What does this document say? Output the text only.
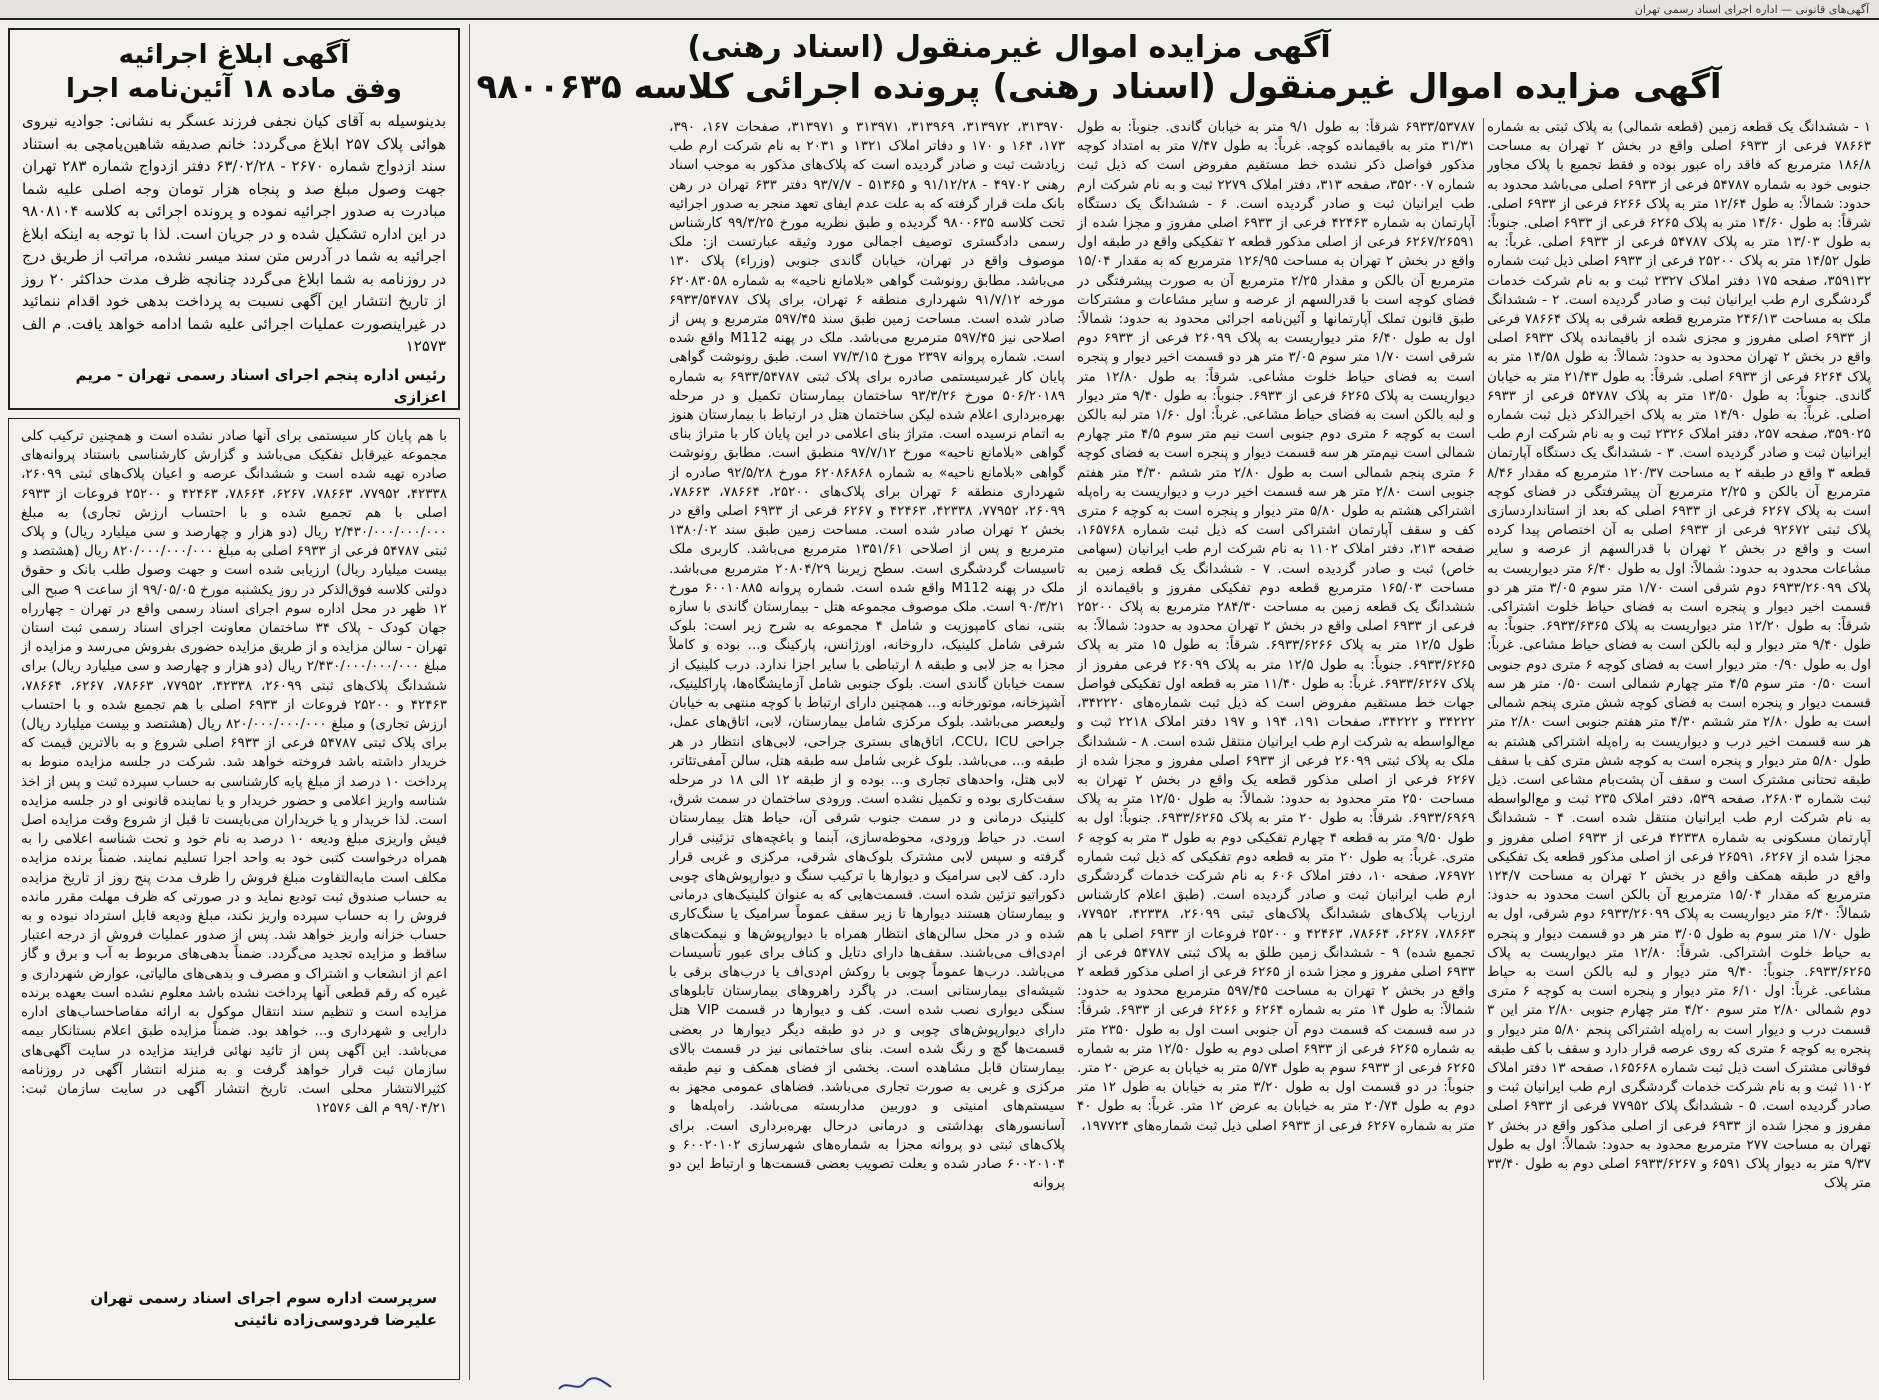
آگهی‌های قانونی — اداره اجرای اسناد رسمی تهران
آگهی مزایده اموال غیرمنقول (اسناد رهنی)
آگهی مزایده اموال غیرمنقول (اسناد رهنی) پرونده اجرائی کلاسه ۹۸۰۰۶۳۵
۱ - ششدانگ یک قطعه زمین (قطعه شمالی) به پلاک ثبتی به شماره ۷۸۶۶۳ فرعی از ۶۹۳۳ اصلی واقع در بخش ۲ تهران به مساحت ۱۸۶/۸ مترمربع که فاقد راه عبور بوده و فقط تجمیع با پلاک مجاور جنوبی خود به شماره ۵۴۷۸۷ فرعی از ۶۹۳۳ اصلی می‌باشد محدود به حدود: شمالاً: به طول ۱۲/۶۴ متر به پلاک ۶۲۶۶ فرعی از ۶۹۳۳ اصلی. شرقاً: به طول ۱۴/۶۰ متر به پلاک ۶۲۶۵ فرعی از ۶۹۳۳ اصلی. جنوباً: به طول ۱۳/۰۳ متر به پلاک ۵۴۷۸۷ فرعی از ۶۹۳۳ اصلی. غرباً: به طول ۱۴/۵۲ متر به پلاک ۲۵۲۰۰ فرعی از ۶۹۳۳ اصلی ذیل ثبت شماره ۳۵۹۱۳۲، صفحه ۱۷۵ دفتر املاک ۲۳۲۷ ثبت و به نام شرکت خدمات گردشگری ارم طب ایرانیان ثبت و صادر گردیده است. ۲ - ششدانگ ملک به مساحت ۲۴۶/۱۳ مترمربع قطعه شرقی به پلاک ۷۸۶۶۴ فرعی از ۶۹۳۳ اصلی مفروز و مجزی شده از باقیمانده پلاک ۶۹۳۳ اصلی واقع در بخش ۲ تهران محدود به حدود: شمالاً: به طول ۱۴/۵۸ متر به پلاک ۶۲۶۴ فرعی از ۶۹۳۳ اصلی. شرقاً: به طول ۲۱/۴۳ متر به خیابان گاندی. جنوباً: به طول ۱۳/۵۰ متر به پلاک ۵۴۷۸۷ فرعی از ۶۹۳۳ اصلی. غرباً: به طول ۱۴/۹۰ متر به پلاک اخیرالذکر ذیل ثبت شماره ۳۵۹۰۲۵، صفحه ۲۵۷، دفتر املاک ۲۳۲۶ ثبت و به نام شرکت ارم طب ایرانیان ثبت و صادر گردیده است. ۳ - ششدانگ یک دستگاه آپارتمان قطعه ۳ واقع در طبقه ۲ به مساحت ۱۲۰/۳۷ مترمربع که مقدار ۸/۴۶ مترمربع آن بالکن و ۲/۲۵ مترمربع آن پیشرفتگی در فضای کوچه است به پلاک ۶۲۶۷ فرعی از ۶۹۳۳ اصلی که بعد از استانداردسازی پلاک ثبتی ۹۲۶۷۲ فرعی از ۶۹۳۳ اصلی به آن اختصاص پیدا کرده است و واقع در بخش ۲ تهران با قدرالسهم از عرصه و سایر مشاعات محدود به حدود: شمالاً: اول به طول ۶/۴۰ متر دیواریست به پلاک ۶۹۳۳/۲۶۰۹۹ دوم شرقی است ۱/۷۰ متر سوم ۳/۰۵ متر هر دو قسمت اخیر دیوار و پنجره است به فضای حیاط خلوت اشتراکی. شرقاً: به طول ۱۲/۲۰ متر دیواریست به پلاک ۶۹۳۳/۶۳۶۵. جنوباً: به طول ۹/۴۰ متر دیوار و لبه بالکن است به فضای حیاط مشاعی. غرباً: اول به طول ۰/۹۰ متر دیوار است به فضای کوچه ۶ متری دوم جنوبی است ۰/۵۰ متر سوم ۴/۵ متر چهارم شمالی است ۰/۵۰ متر هر سه قسمت دیوار و پنجره است به فضای کوچه شش متری پنجم شمالی است به طول ۲/۸۰ متر ششم ۴/۳۰ متر هفتم جنوبی است ۲/۸۰ متر هر سه قسمت اخیر درب و دیواریست به راه‌پله اشتراکی هشتم به طول ۵/۸۰ متر دیوار و پنجره است به کوچه شش متری کف با سقف طبقه تحتانی مشترک است و سقف آن پشت‌بام مشاعی است. ذیل ثبت شماره ۲۶۸۰۳، صفحه ۵۳۹، دفتر املاک ۲۳۵ ثبت و مع‌الواسطه به نام شرکت ارم طب ایرانیان منتقل شده است. ۴ - ششدانگ آپارتمان مسکونی به شماره ۴۲۳۳۸ فرعی از ۶۹۳۳ اصلی مفروز و مجزا شده از ۶۲۶۷، ۲۶۵۹۱ فرعی از اصلی مذکور قطعه یک تفکیکی واقع در طبقه همکف واقع در بخش ۲ تهران به مساحت ۱۲۴/۷ مترمربع که مقدار ۱۵/۰۴ مترمربع آن بالکن است محدود به حدود: شمالاً: ۶/۴۰ متر دیواریست به پلاک ۶۹۳۳/۲۶۰۹۹ دوم شرقی، اول به طول ۱/۷۰ متر سوم به طول ۳/۰۵ متر هر دو قسمت دیوار و پنجره به حیاط خلوت اشتراکی. شرقاً: ۱۲/۸۰ متر دیواریست به پلاک ۶۹۳۳/۶۲۶۵. جنوباً: ۹/۴۰ متر دیوار و لبه بالکن است به حیاط مشاعی. غرباً: اول ۶/۱۰ متر دیوار و پنجره است به کوچه ۶ متری دوم شمالی ۲/۸۰ متر سوم ۴/۲۰ متر چهارم جنوبی ۲/۸۰ متر این ۳ قسمت درب و دیوار است به راه‌پله اشتراکی پنجم ۵/۸۰ متر دیوار و پنجره به کوچه ۶ متری که روی عرصه قرار دارد و سقف با کف طبقه فوقانی مشترک است ذیل ثبت شماره ۱۶۵۶۶۸، صفحه ۱۳ دفتر املاک ۱۱۰۲ ثبت و به نام شرکت خدمات گردشگری ارم طب ایرانیان ثبت و صادر گردیده است. ۵ - ششدانگ پلاک ۷۷۹۵۲ فرعی از ۶۹۳۳ اصلی مفروز و مجزا شده از ۶۹۳۳ فرعی از اصلی مذکور واقع در بخش ۲ تهران به مساحت ۲۷۷ مترمربع محدود به حدود: شمالاً: اول به طول ۹/۳۷ متر به دیوار پلاک ۶۵۹۱ و ۶۹۳۳/۶۲۶۷ اصلی دوم به طول ۳۳/۴۰ متر پلاک
۶۹۳۳/۵۳۷۸۷ شرقاً: به طول ۹/۱ متر به خیابان گاندی. جنوباً: به طول ۳۱/۳۱ متر به باقیمانده کوچه. غرباً: به طول ۷/۴۷ متر به امتداد کوچه مذکور فواصل ذکر نشده خط مستقیم مفروض است که ذیل ثبت شماره ۳۵۲۰۰۷، صفحه ۳۱۳، دفتر املاک ۲۲۷۹ ثبت و به نام شرکت ارم طب ایرانیان ثبت و صادر گردیده است. ۶ - ششدانگ یک دستگاه آپارتمان به شماره ۴۲۴۶۳ فرعی از ۶۹۳۳ اصلی مفروز و مجزا شده از ۶۲۶۷/۲۶۵۹۱ فرعی از اصلی مذکور قطعه ۲ تفکیکی واقع در طبقه اول واقع در بخش ۲ تهران به مساحت ۱۲۶/۹۵ مترمربع که به مقدار ۱۵/۰۴ مترمربع آن بالکن و مقدار ۲/۲۵ مترمربع آن به صورت پیشرفتگی در فضای کوچه است با قدرالسهم از عرصه و سایر مشاعات و مشترکات طبق قانون تملک آپارتمانها و آئین‌نامه اجرائی محدود به حدود: شمالاً: اول به طول ۶/۴۰ متر دیواریست به پلاک ۲۶۰۹۹ فرعی از ۶۹۳۳ دوم شرقی است ۱/۷۰ متر سوم ۳/۰۵ متر هر دو قسمت اخیر دیوار و پنجره است به فضای حیاط خلوت مشاعی. شرقاً: به طول ۱۲/۸۰ متر دیواریست به پلاک ۶۲۶۵ فرعی از ۶۹۳۳. جنوباً: به طول ۹/۴۰ متر دیوار و لبه بالکن است به فضای حیاط مشاعی. غرباً: اول ۱/۶۰ متر لبه بالکن است به کوچه ۶ متری دوم جنوبی است نیم متر سوم ۴/۵ متر چهارم شمالی است نیم‌متر هر سه قسمت دیوار و پنجره است به فضای کوچه ۶ متری پنجم شمالی است به طول ۲/۸۰ متر ششم ۴/۳۰ متر هفتم جنوبی است ۲/۸۰ متر هر سه قسمت اخیر درب و دیواریست به راه‌پله اشتراکی هشتم به طول ۵/۸۰ متر دیوار و پنجره است به کوچه ۶ متری کف و سقف آپارتمان اشتراکی است که ذیل ثبت شماره ۱۶۵۷۶۸، صفحه ۲۱۳، دفتر املاک ۱۱۰۲ به نام شرکت ارم طب ایرانیان (سهامی خاص) ثبت و صادر گردیده است. ۷ - ششدانگ یک قطعه زمین به مساحت ۱۶۵/۰۳ مترمربع قطعه دوم تفکیکی مفروز و باقیمانده از ششدانگ یک قطعه زمین به مساحت ۲۸۴/۳۰ مترمربع به پلاک ۲۵۲۰۰ فرعی از ۶۹۳۳ اصلی واقع در بخش ۲ تهران محدود به حدود: شمالاً: به طول ۱۲/۵ متر به پلاک ۶۹۳۳/۶۲۶۶. شرقاً: به طول ۱۵ متر به پلاک ۶۹۳۳/۶۲۶۵. جنوباً: به طول ۱۲/۵ متر به پلاک ۲۶۰۹۹ فرعی مفروز از پلاک ۶۹۳۳/۶۲۶۷. غرباً: به طول ۱۱/۴۰ متر به قطعه اول تفکیکی فواصل جهات خط مستقیم مفروض است که ذیل ثبت شماره‌های ۳۴۲۲۲۰، ۳۴۲۲۲ و ۳۴۲۲۲، صفحات ۱۹۱، ۱۹۴ و ۱۹۷ دفتر املاک ۲۲۱۸ ثبت و مع‌الواسطه به شرکت ارم طب ایرانیان منتقل شده است. ۸ - ششدانگ ملک به پلاک ثبتی ۲۶۰۹۹ فرعی از ۶۹۳۳ اصلی مفروز و مجزا شده از ۶۲۶۷ فرعی از اصلی مذکور قطعه یک واقع در بخش ۲ تهران به مساحت ۲۵۰ متر محدود به حدود: شمالاً: به طول ۱۲/۵۰ متر به پلاک ۶۹۳۳/۶۹۶۹. شرقاً: به طول ۲۰ متر به پلاک ۶۹۳۳/۶۲۶۵. جنوباً: اول به طول ۹/۵۰ متر به قطعه ۴ چهارم تفکیکی دوم به طول ۳ متر به کوچه ۶ متری. غرباً: به طول ۲۰ متر به قطعه دوم تفکیکی که ذیل ثبت شماره ۷۶۹۷۲، صفحه ۱۰، دفتر املاک ۶۰۶ به نام شرکت خدمات گردشگری ارم طب ایرانیان ثبت و صادر گردیده است. (طبق اعلام کارشناس ارزیاب پلاک‌های ششدانگ پلاک‌های ثبتی ۲۶۰۹۹، ۴۲۳۳۸، ۷۷۹۵۲، ۷۸۶۶۳، ۶۲۶۷، ۷۸۶۶۴، ۴۲۴۶۳ و ۲۵۲۰۰ فروعات از ۶۹۳۳ اصلی با هم تجمیع شده) ۹ - ششدانگ زمین طلق به پلاک ثبتی ۵۴۷۸۷ فرعی از ۶۹۳۳ اصلی مفروز و مجزا شده از ۶۲۶۵ فرعی از اصلی مذکور قطعه ۲ واقع در بخش ۲ تهران به مساحت ۵۹۷/۴۵ مترمربع محدود به حدود: شمالاً: به طول ۱۴ متر به شماره ۶۲۶۴ و ۶۲۶۶ فرعی از ۶۹۳۳. شرقاً: در سه قسمت که قسمت دوم آن جنوبی است اول به طول ۲۳۵۰ متر به شماره ۶۲۶۵ فرعی از ۶۹۳۳ اصلی دوم به طول ۱۲/۵۰ متر به شماره ۶۲۶۵ فرعی از ۶۹۳۳ سوم به طول ۵/۷۴ متر به خیابان به عرض ۲۰ متر. جنوباً: در دو قسمت اول به طول ۳/۲۰ متر به خیابان به طول ۱۲ متر دوم به طول ۲۰/۷۴ متر به خیابان به عرض ۱۲ متر. غرباً: به طول ۴۰ متر به شماره ۶۲۶۷ فرعی از ۶۹۳۳ اصلی ذیل ثبت شماره‌های ۱۹۷۷۲۴،
۳۱۳۹۷۰، ۳۱۳۹۷۲، ۳۱۳۹۶۹، ۳۱۳۹۷۱ و ۳۱۳۹۷۱، صفحات ۱۶۷، ۳۹۰، ۱۷۳، ۱۶۴ و ۱۷۰ و دفاتر املاک ۱۳۲۱ و ۲۰۳۱ به نام شرکت ارم طب زیادشت ثبت و صادر گردیده است که پلاک‌های مذکور به موجب اسناد رهنی ۴۹۷۰۲ - ۹۱/۱۲/۲۸ و ۵۱۳۶۵ - ۹۳/۷/۷ دفتر ۶۳۳ تهران در رهن بانک ملت قرار گرفته که به علت عدم ایفای تعهد منجر به صدور اجرائیه تحت کلاسه ۹۸۰۰۶۳۵ گردیده و طبق نظریه مورخ ۹۹/۳/۲۵ کارشناس رسمی دادگستری توصیف اجمالی مورد وثیقه عبارتست از: ملک موصوف واقع در تهران، خیابان گاندی جنوبی (وزراء) پلاک ۱۳۰ می‌باشد. مطابق رونوشت گواهی «بلامانع ناحیه» به شماره ۶۲۰۸۳۰۵۸ مورخه ۹۱/۷/۱۲ شهرداری منطقه ۶ تهران، برای پلاک ۶۹۳۳/۵۴۷۸۷ صادر شده است. مساحت زمین طبق سند ۵۹۷/۴۵ مترمربع و پس از اصلاحی نیز ۵۹۷/۴۵ مترمربع می‌باشد. ملک در پهنه M112 واقع شده است. شماره پروانه ۲۳۹۷ مورخ ۷۷/۳/۱۵ است. طبق رونوشت گواهی پایان کار غیرسیستمی صادره برای پلاک ثبتی ۶۹۳۳/۵۴۷۸۷ به شماره ۵۰۶/۲۰۱۸۹ مورخ ۹۳/۳/۲۶ ساختمان بیمارستان تکمیل و در مرحله بهره‌برداری اعلام شده لیکن ساختمان هتل در ارتباط با بیمارستان هنوز به اتمام نرسیده است. متراژ بنای اعلامی در این پایان کار با متراژ بنای گواهی «بلامانع ناحیه» مورخ ۹۷/۷/۱۲ منطبق است. مطابق رونوشت گواهی «بلامانع ناحیه» به شماره ۶۲۰۸۶۸۶۸ مورخ ۹۲/۵/۲۸ صادره از شهرداری منطقه ۶ تهران برای پلاک‌های ۲۵۲۰۰، ۷۸۶۶۴، ۷۸۶۶۳، ۲۶۰۹۹، ۷۷۹۵۲، ۴۲۳۳۸، ۴۲۴۶۳ و ۶۲۶۷ فرعی از ۶۹۳۳ اصلی واقع در بخش ۲ تهران صادر شده است. مساحت زمین طبق سند ۱۳۸۰/۰۲ مترمربع و پس از اصلاحی ۱۳۵۱/۶۱ مترمربع می‌باشد. کاربری ملک تاسیسات گردشگری است. سطح زیربنا ۲۰۸۰۴/۲۹ مترمربع می‌باشد. ملک در پهنه M112 واقع شده است. شماره پروانه ۶۰۰۱۰۸۸۵ مورخ ۹۰/۳/۲۱ است. ملک موصوف مجموعه هتل - بیمارستان گاندی با سازه بتنی، نمای کامپوزیت و شامل ۴ مجموعه به شرح زیر است: بلوک شرقی شامل کلینیک، داروخانه، اورژانس، پارکینگ و... بوده و کاملاً مجزا به جز لابی و طبقه ۸ ارتباطی با سایر اجزا ندارد. درب کلینیک از سمت خیابان گاندی است. بلوک جنوبی شامل آزمایشگاه‌ها، پاراکلینیک، آشپزخانه، موتورخانه و... همچنین دارای ارتباط با کوچه منتهی به خیابان ولیعصر می‌باشد. بلوک مرکزی شامل بیمارستان، لابی، اتاق‌های عمل، جراحی CCU، ICU، اتاق‌های بستری جراحی، لابی‌های انتظار در هر طبقه و... می‌باشد. بلوک غربی شامل سه طبقه هتل، سالن آمفی‌تئاتر، لابی هتل، واحدهای تجاری و... بوده و از طبقه ۱۲ الی ۱۸ در مرحله سفت‌کاری بوده و تکمیل نشده است. ورودی ساختمان در سمت شرق، کلینیک درمانی و در سمت جنوب شرقی آن، حیاط هتل بیمارستان است. در حیاط ورودی، محوطه‌سازی، آبنما و باغچه‌های تزئینی قرار گرفته و سپس لابی مشترک بلوک‌های شرقی، مرکزی و غربی قرار دارد. کف لابی سرامیک و دیوارها با ترکیب سنگ و دیوارپوش‌های چوبی دکوراتیو تزئین شده است. قسمت‌هایی که به عنوان کلینیک‌های درمانی و بیمارستان هستند دیوارها تا زیر سقف عموماً سرامیک یا سنگ‌کاری شده و در محل سالن‌های انتظار همراه با دیوارپوش‌ها و نیمکت‌های ام‌دی‌اف می‌باشند. سقف‌ها دارای دتایل و کناف برای عبور تأسیسات می‌باشد. درب‌ها عموماً چوبی با روکش ام‌دی‌اف یا درب‌های برقی با شیشه‌ای بیمارستانی است. در پاگرد راهروهای بیمارستان تابلوهای سنگی دیواری نصب شده است. کف و دیوارها در قسمت VIP هتل دارای دیوارپوش‌های چوبی و در دو طبقه دیگر دیوارها در بعضی قسمت‌ها گچ و رنگ شده است. بنای ساختمانی نیز در قسمت بالای بیمارستان قابل مشاهده است. بخشی از فضای همکف و نیم طبقه مرکزی و غربی به صورت تجاری می‌باشد. فضاهای عمومی مجهز به سیستم‌های امنیتی و دوربین مداربسته می‌باشد. راه‌پله‌ها و آسانسورهای بهداشتی و درمانی درحال بهره‌برداری است. برای پلاک‌های ثبتی دو پروانه مجزا به شماره‌های شهرسازی ۶۰۰۲۰۱۰۲ و ۶۰۰۲۰۱۰۴ صادر شده و بعلت تصویب بعضی قسمت‌ها و ارتباط این دو پروانه
آگهی ابلاغ اجرائیه
وفق ماده ۱۸ آئین‌نامه اجرا
بدینوسیله به آقای کیان نجفی فرزند عسگر به نشانی: جواديه نیروی هوائی پلاک ۲۵۷ ابلاغ می‌گردد: خانم صدیقه شاهین‌یامچی به استناد سند ازدواج شماره ۲۶۷۰ - ۶۳/۰۲/۲۸ دفتر ازدواج شماره ۲۸۳ تهران جهت وصول مبلغ صد و پنجاه هزار تومان وجه اصلی علیه شما مبادرت به صدور اجرائیه نموده و پرونده اجرائی به کلاسه ۹۸۰۸۱۰۴ در این اداره تشکیل شده و در جریان است. لذا با توجه به اینکه ابلاغ اجرائیه به شما در آدرس متن سند میسر نشده، مراتب از طریق درج در روزنامه به شما ابلاغ می‌گردد چنانچه ظرف مدت حداکثر ۲۰ روز از تاریخ انتشار این آگهی نسبت به پرداخت بدهی خود اقدام ننمائید در غیراینصورت عملیات اجرائی علیه شما ادامه خواهد یافت. م الف ۱۲۵۷۳
رئیس اداره پنجم اجرای اسناد رسمی تهران - مریم اعزازی
با هم پایان کار سیستمی برای آنها صادر نشده است و همچنین ترکیب کلی مجموعه غیرقابل تفکیک می‌باشد و گزارش کارشناسی باستناد پروانه‌های صادره تهیه شده است و ششدانگ عرصه و اعیان پلاک‌های ثبتی ۲۶۰۹۹، ۴۲۳۳۸، ۷۷۹۵۲، ۷۸۶۶۳، ۶۲۶۷، ۷۸۶۶۴، ۴۲۴۶۳ و ۲۵۲۰۰ فروعات از ۶۹۳۳ اصلی با هم تجمیع شده و با احتساب ارزش تجاری) به مبلغ ۲/۴۳۰/۰۰۰/۰۰۰/۰۰۰ ریال (دو هزار و چهارصد و سی میلیارد ریال) و پلاک ثبتی ۵۴۷۸۷ فرعی از ۶۹۳۳ اصلی به مبلغ ۸۲۰/۰۰۰/۰۰۰/۰۰۰ ریال (هشتصد و بیست میلیارد ریال) ارزیابی شده است و جهت وصول طلب بانک و حقوق دولتی کلاسه فوق‌الذکر در روز یکشنبه مورخ ۹۹/۰۵/۰۵ از ساعت ۹ صبح الی ۱۲ ظهر در محل اداره سوم اجرای اسناد رسمی واقع در تهران - چهارراه جهان کودک - پلاک ۳۴ ساختمان معاونت اجرای اسناد رسمی ثبت استان تهران - سالن مزایده و از طریق مزایده حضوری بفروش می‌رسد و مزایده از مبلغ ۲/۴۳۰/۰۰۰/۰۰۰/۰۰۰ ریال (دو هزار و چهارصد و سی میلیارد ریال) برای ششدانگ پلاک‌های ثبتی ۲۶۰۹۹، ۴۲۳۳۸، ۷۷۹۵۲، ۷۸۶۶۳، ۶۲۶۷، ۷۸۶۶۴، ۴۲۴۶۳ و ۲۵۲۰۰ فروعات از ۶۹۳۳ اصلی با هم تجمیع شده و با احتساب ارزش تجاری) و مبلغ ۸۲۰/۰۰۰/۰۰۰/۰۰۰ ریال (هشتصد و بیست میلیارد ریال) برای پلاک ثبتی ۵۴۷۸۷ فرعی از ۶۹۳۳ اصلی شروع و به بالاترین قیمت که خریدار داشته باشد فروخته خواهد شد. شرکت در جلسه مزایده منوط به پرداخت ۱۰ درصد از مبلغ پایه کارشناسی به حساب سپرده ثبت و پس از اخذ شناسه واریز اعلامی و حضور خریدار و یا نماینده قانونی او در جلسه مزایده است. لذا خریدار و یا خریداران می‌بایست تا قبل از شروع وقت مزایده اصل فیش واریزی مبلغ ودیعه ۱۰ درصد به نام خود و تحت شناسه اعلامی را به همراه درخواست کتبی خود به واحد اجرا تسلیم نمایند. ضمناً برنده مزایده مکلف است مابه‌التفاوت مبلغ فروش را ظرف مدت پنج روز از تاریخ مزایده به حساب صندوق ثبت تودیع نماید و در صورتی که ظرف مهلت مقرر مانده فروش را به حساب سپرده واریز نکند، مبلغ ودیعه قابل استرداد نبوده و به حساب خزانه واریز خواهد شد. پس از صدور عملیات فروش از درجه اعتبار ساقط و مزایده تجدید می‌گردد. ضمناً بدهی‌های مربوط به آب و برق و گاز اعم از انشعاب و اشتراک و مصرف و بدهی‌های مالیاتی، عوارض شهرداری و غیره که رقم قطعی آنها پرداخت نشده باشد معلوم نشده است بعهده برنده مزایده است و تنظیم سند انتقال موکول به ارائه مفاصاحساب‌های اداره دارایی و شهرداری و... خواهد بود. ضمناً مزایده طبق اعلام بستانکار بیمه می‌باشد. این آگهی پس از تائید نهائی فرایند مزایده در سایت آگهی‌های سازمان ثبت قرار خواهد گرفت و به منزله انتشار آگهی در روزنامه کثیرالانتشار محلی است. تاریخ انتشار آگهی در سایت سازمان ثبت: ۹۹/۰۴/۲۱ م الف ۱۲۵۷۶
سرپرست اداره سوم اجرای اسناد رسمی تهران
علیرضا فردوسی‌زاده نائینی
